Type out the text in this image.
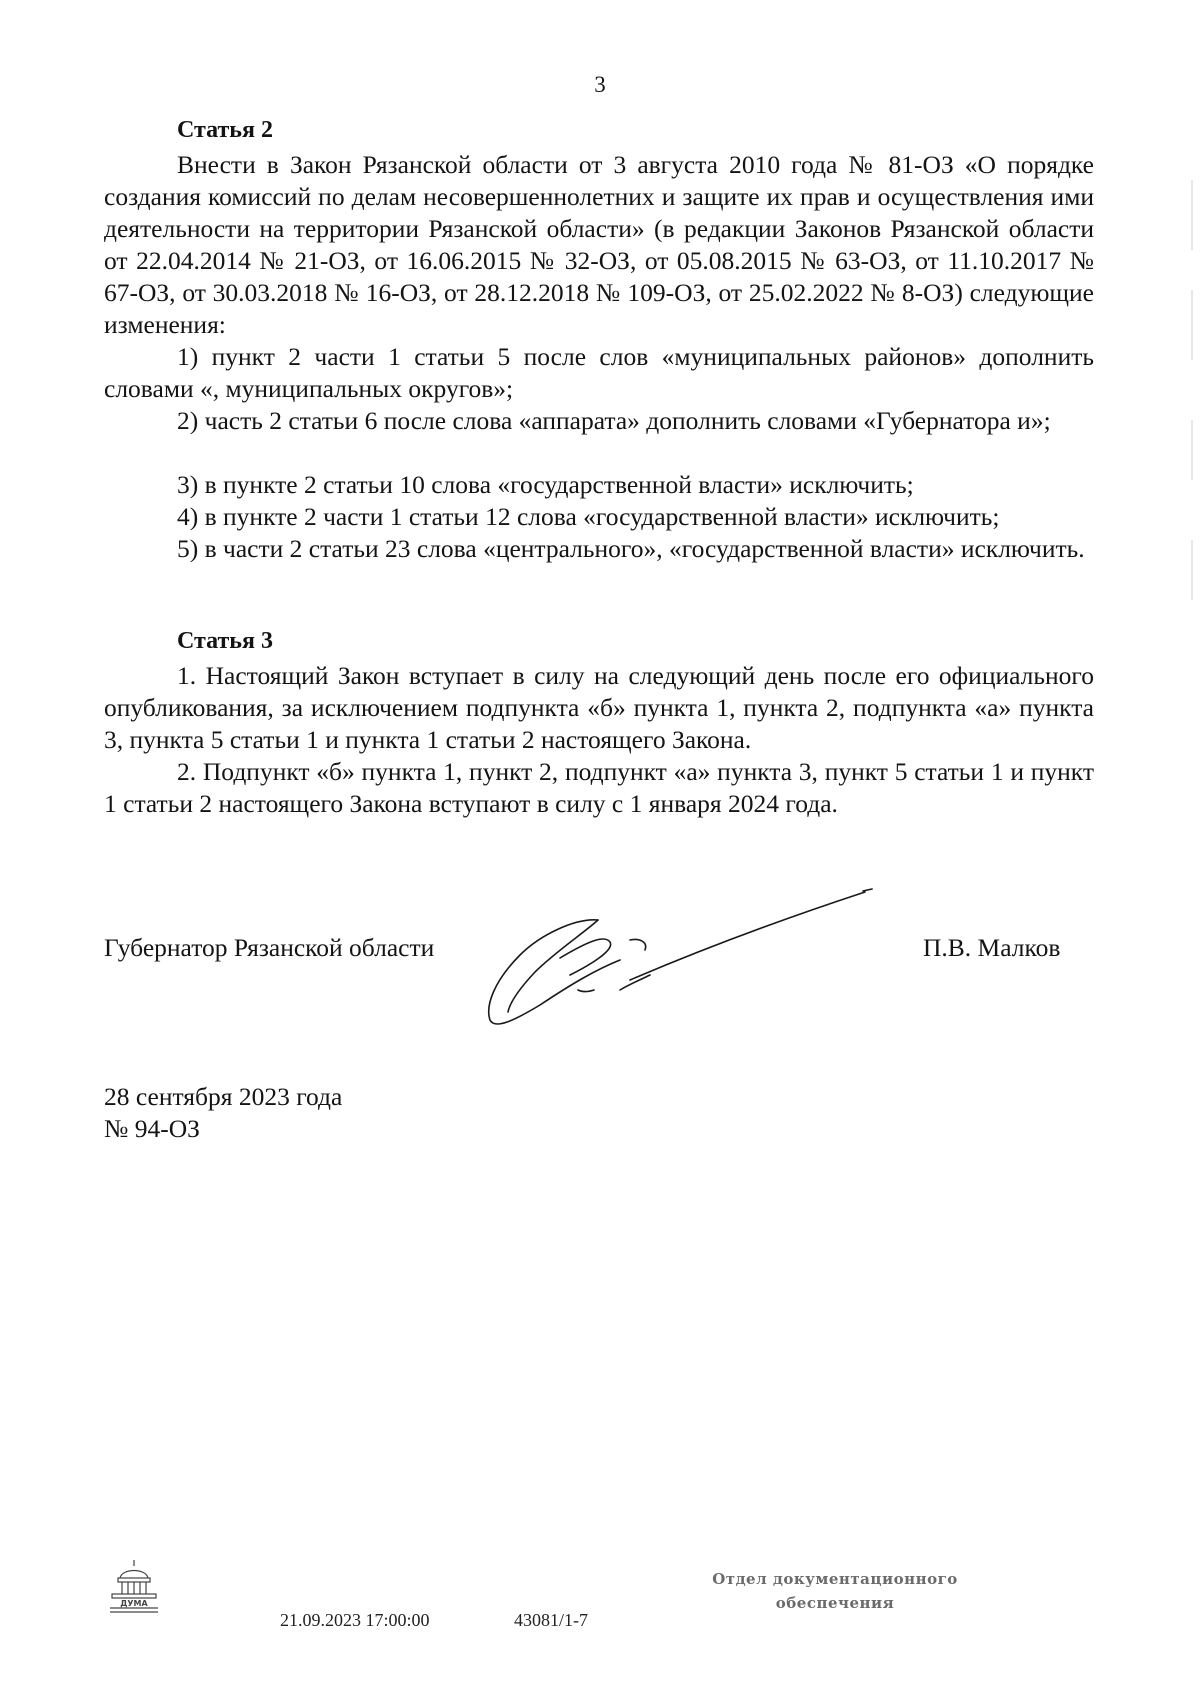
3
Статья 2

Внести в Закон Рязанской области от 3 августа 2010 года № 81-ОЗ «О порядке создания комиссий по делам несовершеннолетних и защите их прав и осуществления ими деятельности на территории Рязанской области» (в редакции Законов Рязанской области от 22.04.2014 № 21-ОЗ, от 16.06.2015 № 32-ОЗ, от 05.08.2015 № 63-ОЗ, от 11.10.2017 № 67-ОЗ, от 30.03.2018 № 16-ОЗ, от 28.12.2018 № 109-ОЗ, от 25.02.2022 № 8-ОЗ) следующие изменения:

1) пункт 2 части 1 статьи 5 после слов «муниципальных районов» дополнить словами «, муниципальных округов»;

2) часть 2 статьи 6 после слова «аппарата» дополнить словами «Губернатора и»;

3) в пункте 2 статьи 10 слова «государственной власти» исключить;

4) в пункте 2 части 1 статьи 12 слова «государственной власти» исключить;

5) в части 2 статьи 23 слова «центрального», «государственной власти» исключить.

Статья 3

1. Настоящий Закон вступает в силу на следующий день после его официального опубликования, за исключением подпункта «б» пункта 1, пункта 2, подпункта «а» пункта 3, пункта 5 статьи 1 и пункта 1 статьи 2 настоящего Закона.

2. Подпункт «б» пункта 1, пункт 2, подпункт «а» пункта 3, пункт 5 статьи 1 и пункт 1 статьи 2 настоящего Закона вступают в силу с 1 января 2024 года.

Губернатор Рязанской области	П.В. Малков
28 сентября 2023 года
№ 94-ОЗ
ДУМА
21.09.2023 17:00:00	43081/1-7
Отдел документационного
обеспечения
